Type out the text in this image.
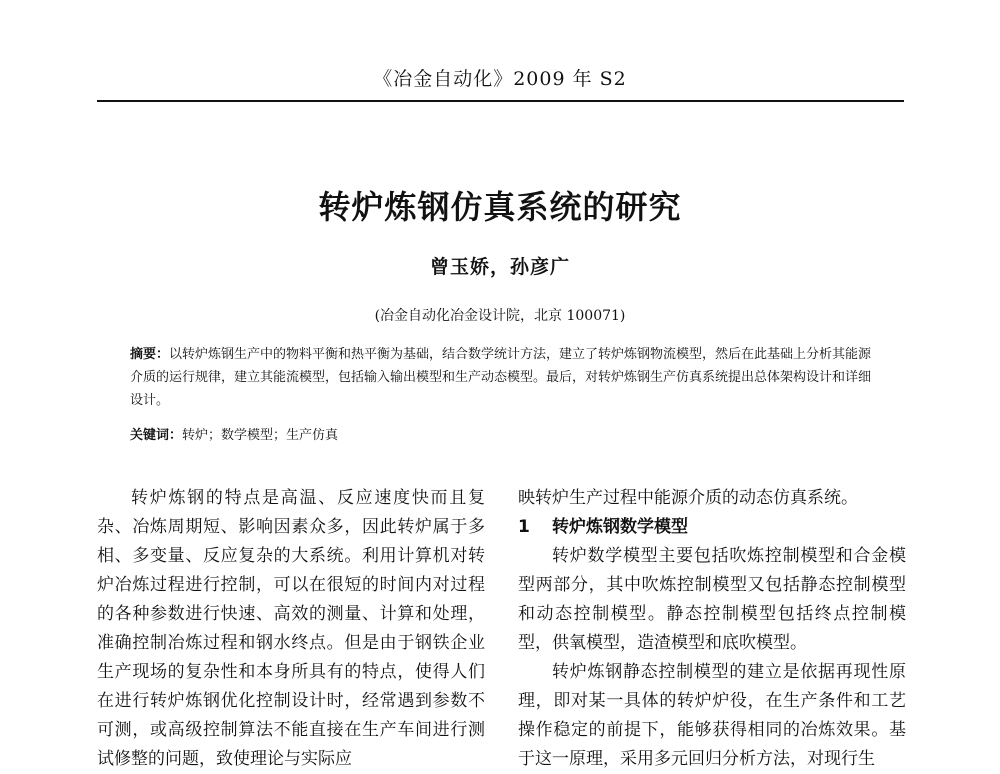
《冶金自动化》2009 年 S2
转炉炼钢仿真系统的研究
曾玉娇，孙彦广
(冶金自动化冶金设计院，北京 100071)
摘要：以转炉炼钢生产中的物料平衡和热平衡为基础，结合数学统计方法，建立了转炉炼钢物流模型，然后在此基础上分析其能源介质的运行规律，建立其能流模型，包括输入输出模型和生产动态模型。最后，对转炉炼钢生产仿真系统提出总体架构设计和详细设计。
关键词：转炉；数学模型；生产仿真

转炉炼钢的特点是高温、反应速度快而且复杂、冶炼周期短、影响因素众多，因此转炉属于多相、多变量、反应复杂的大系统。利用计算机对转炉冶炼过程进行控制，可以在很短的时间内对过程的各种参数进行快速、高效的测量、计算和处理，准确控制冶炼过程和钢水终点。但是由于钢铁企业生产现场的复杂性和本身所具有的特点，使得人们在进行转炉炼钢优化控制设计时，经常遇到参数不可测，或高级控制算法不能直接在生产车间进行测试修整的问题，致使理论与实际应

映转炉生产过程中能源介质的动态仿真系统。

1 转炉炼钢数学模型

转炉数学模型主要包括吹炼控制模型和合金模型两部分，其中吹炼控制模型又包括静态控制模型和动态控制模型。静态控制模型包括终点控制模型，供氧模型，造渣模型和底吹模型。

转炉炼钢静态控制模型的建立是依据再现性原理，即对某一具体的转炉炉役，在生产条件和工艺操作稳定的前提下，能够获得相同的冶炼效果。基于这一原理，采用多元回归分析方法，对现行生
